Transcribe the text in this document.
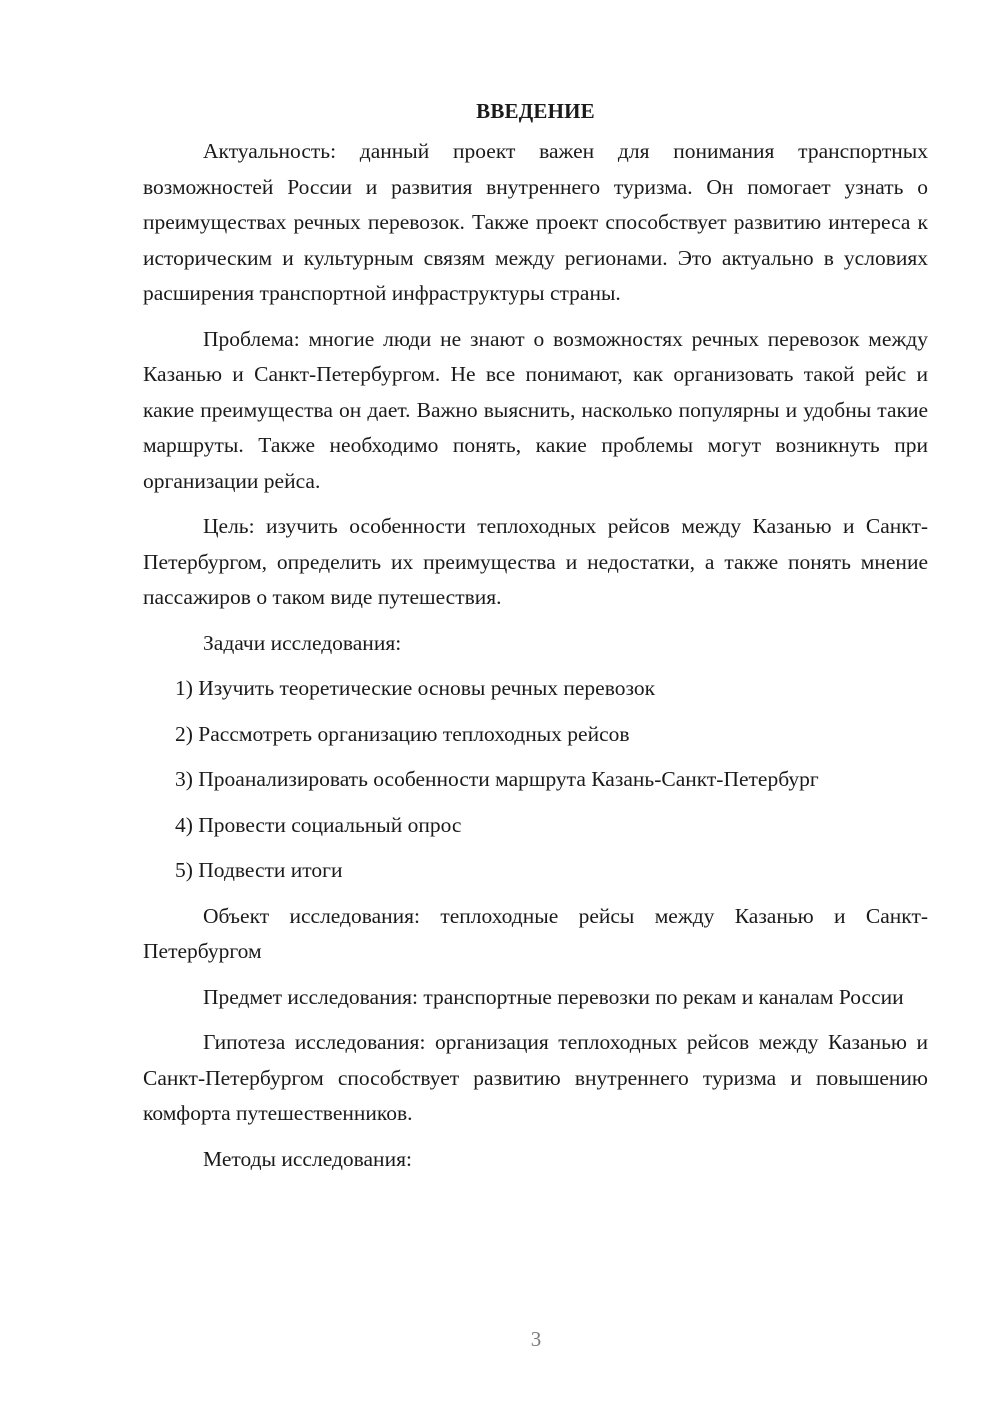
ВВЕДЕНИЕ

Актуальность: данный проект важен для понимания транспортных возможностей России и развития внутреннего туризма. Он помогает узнать о преимуществах речных перевозок. Также проект способствует развитию интереса к историческим и культурным связям между регионами. Это актуально в условиях расширения транспортной инфраструктуры страны.

Проблема: многие люди не знают о возможностях речных перевозок между Казанью и Санкт-Петербургом. Не все понимают, как организовать такой рейс и какие преимущества он дает. Важно выяснить, насколько популярны и удобны такие маршруты. Также необходимо понять, какие проблемы могут возникнуть при организации рейса.

Цель: изучить особенности теплоходных рейсов между Казанью и Санкт-Петербургом, определить их преимущества и недостатки, а также понять мнение пассажиров о таком виде путешествия.

Задачи исследования:

1) Изучить теоретические основы речных перевозок

2) Рассмотреть организацию теплоходных рейсов

3) Проанализировать особенности маршрута Казань-Санкт-Петербург

4) Провести социальный опрос

5) Подвести итоги

Объект исследования: теплоходные рейсы между Казанью и Санкт-Петербургом

Предмет исследования: транспортные перевозки по рекам и каналам России

Гипотеза исследования: организация теплоходных рейсов между Казанью и Санкт-Петербургом способствует развитию внутреннего туризма и повышению комфорта путешественников.

Методы исследования:

3
